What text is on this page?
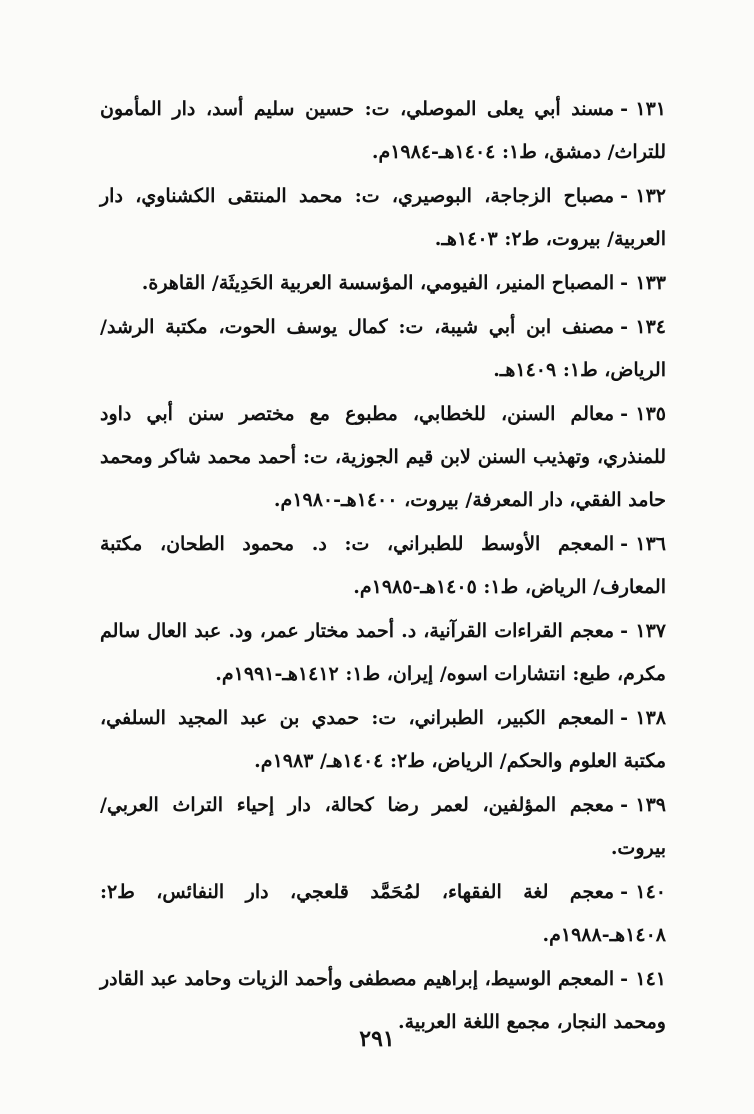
١٣١-مسند أبي يعلى الموصلي، ت: حسين سليم أسد، دار المأمون للتراث/ دمشق، ط١: ١٤٠٤هـ-١٩٨٤م.
١٣٢-مصباح الزجاجة، البوصيري، ت: محمد المنتقى الكشناوي، دار العربية/ بيروت، ط٢: ١٤٠٣هـ.
١٣٣-المصباح المنير، الفيومي، المؤسسة العربية الحَدِيثَة/ القاهرة.
١٣٤-مصنف ابن أبي شيبة، ت: كمال يوسف الحوت، مكتبة الرشد/ الرياض، ط١: ١٤٠٩هـ.
١٣٥-معالم السنن، للخطابي، مطبوع مع مختصر سنن أبي داود للمنذري، وتهذيب السنن لابن قيم الجوزية، ت: أحمد محمد شاكر ومحمد حامد الفقي، دار المعرفة/ بيروت، ١٤٠٠هـ-١٩٨٠م.
١٣٦-المعجم الأوسط للطبراني، ت: د. محمود الطحان، مكتبة المعارف/ الرياض، ط١: ١٤٠٥هـ-١٩٨٥م.
١٣٧-معجم القراءات القرآنية، د. أحمد مختار عمر، ود. عبد العال سالم مكرم، طبع: انتشارات اسوه/ إيران، ط١: ١٤١٢هـ-١٩٩١م.
١٣٨-المعجم الكبير، الطبراني، ت: حمدي بن عبد المجيد السلفي، مكتبة العلوم والحكم/ الرياض، ط٢: ١٤٠٤هـ/ ١٩٨٣م.
١٣٩-معجم المؤلفين، لعمر رضا كحالة، دار إحياء التراث العربي/ بيروت.
١٤٠-معجم لغة الفقهاء، لمُحَمَّد قلعجي، دار النفائس، ط٢: ١٤٠٨هـ-١٩٨٨م.
١٤١-المعجم الوسيط، إبراهيم مصطفى وأحمد الزيات وحامد عبد القادر ومحمد النجار، مجمع اللغة العربية.
٢٩١
